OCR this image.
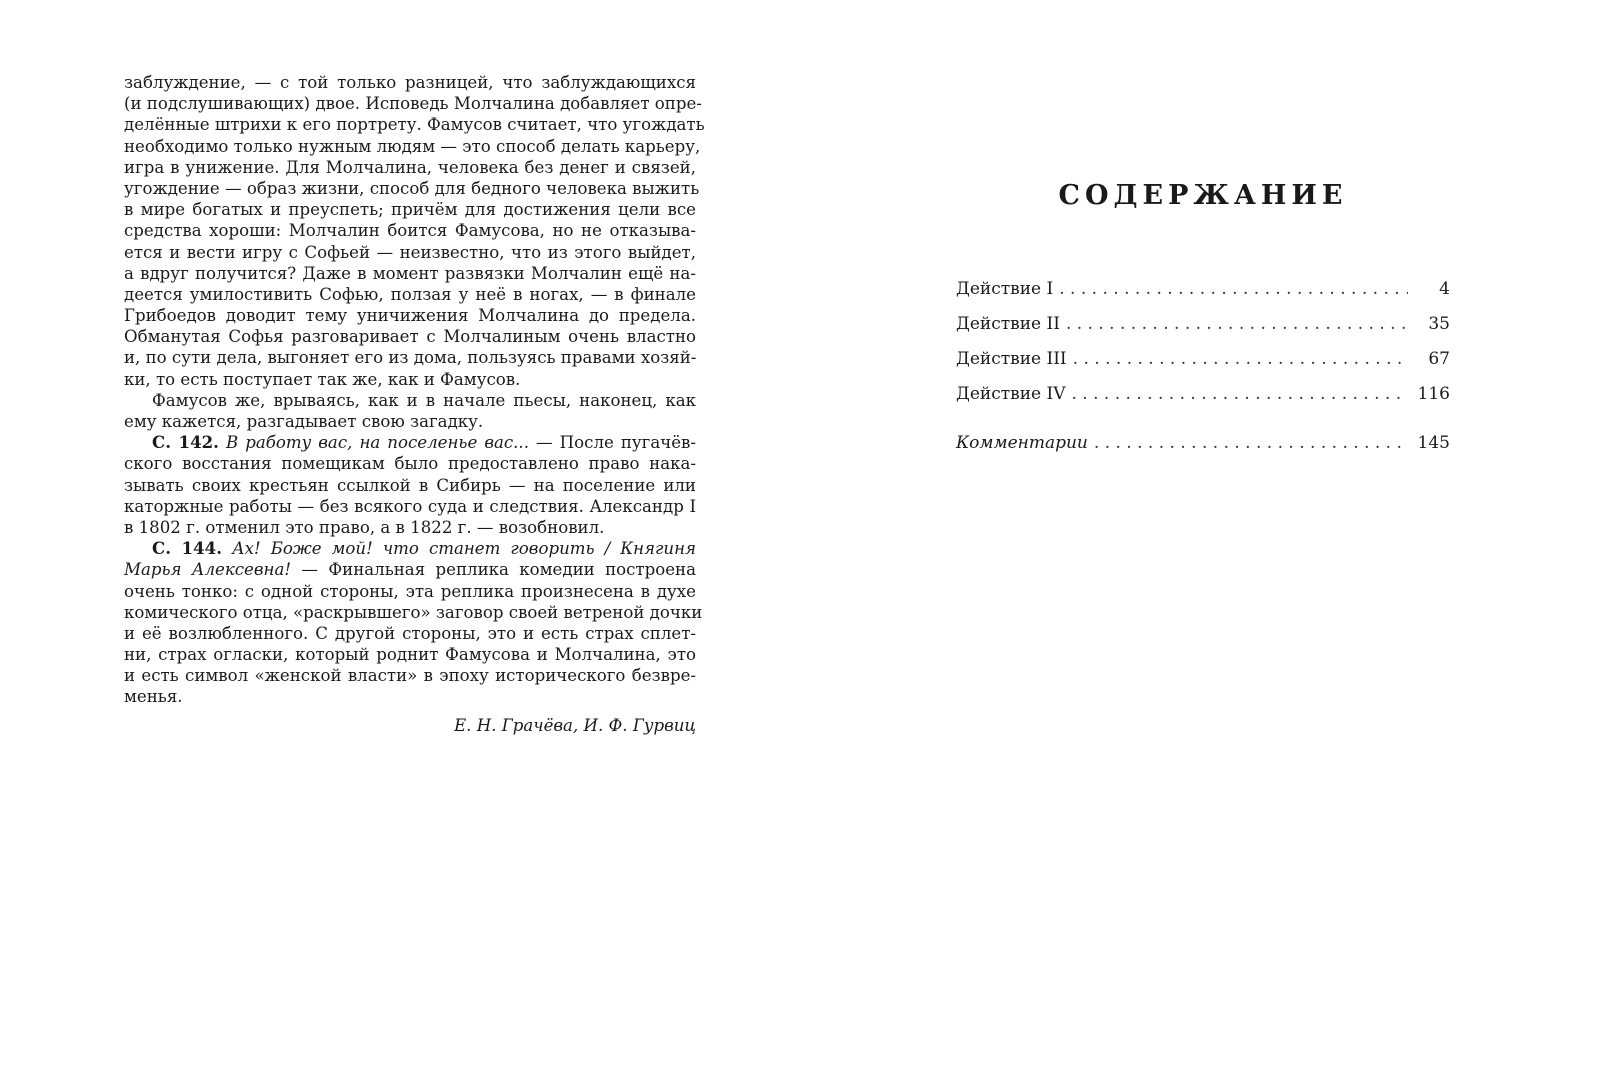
заблуждение, — с той только разницей, что заблуждающихся
(и подслушивающих) двое. Исповедь Молчалина добавляет опре-
делённые штрихи к его портрету. Фамусов считает, что угождать
необходимо только нужным людям — это способ делать карьеру,
игра в унижение. Для Молчалина, человека без денег и связей,
угождение — образ жизни, способ для бедного человека выжить
в мире богатых и преуспеть; причём для достижения цели все
средства хороши: Молчалин боится Фамусова, но не отказыва-
ется и вести игру с Софьей — неизвестно, что из этого выйдет,
а вдруг получится? Даже в момент развязки Молчалин ещё на-
деется умилостивить Софью, ползая у неё в ногах, — в финале
Грибоедов доводит тему уничижения Молчалина до предела.
Обманутая Софья разговаривает с Молчалиным очень властно
и, по сути дела, выгоняет его из дома, пользуясь правами хозяй-
ки, то есть поступает так же, как и Фамусов.
Фамусов же, врываясь, как и в начале пьесы, наконец, как
ему кажется, разгадывает свою загадку.
С. 142. В работу вас, на поселенье вас... — После пугачёв-
ского восстания помещикам было предоставлено право нака-
зывать своих крестьян ссылкой в Сибирь — на поселение или
каторжные работы — без всякого суда и следствия. Александр I
в 1802 г. отменил это право, а в 1822 г. — возобновил.
С. 144. Ах! Боже мой! что станет говорить / Княгиня
Марья Алексевна! — Финальная реплика комедии построена
очень тонко: с одной стороны, эта реплика произнесена в духе
комического отца, «раскрывшего» заговор своей ветреной дочки
и её возлюбленного. С другой стороны, это и есть страх сплет-
ни, страх огласки, который роднит Фамусова и Молчалина, это
и есть символ «женской власти» в эпоху исторического безвре-
менья.
Е. Н. Грачёва, И. Ф. Гурвиц
СОДЕРЖАНИЕ
Действие I . . .	4
Действие II . . .	35
Действие III . . .	67
Действие IV . . .	116
Комментарии . . .	145
